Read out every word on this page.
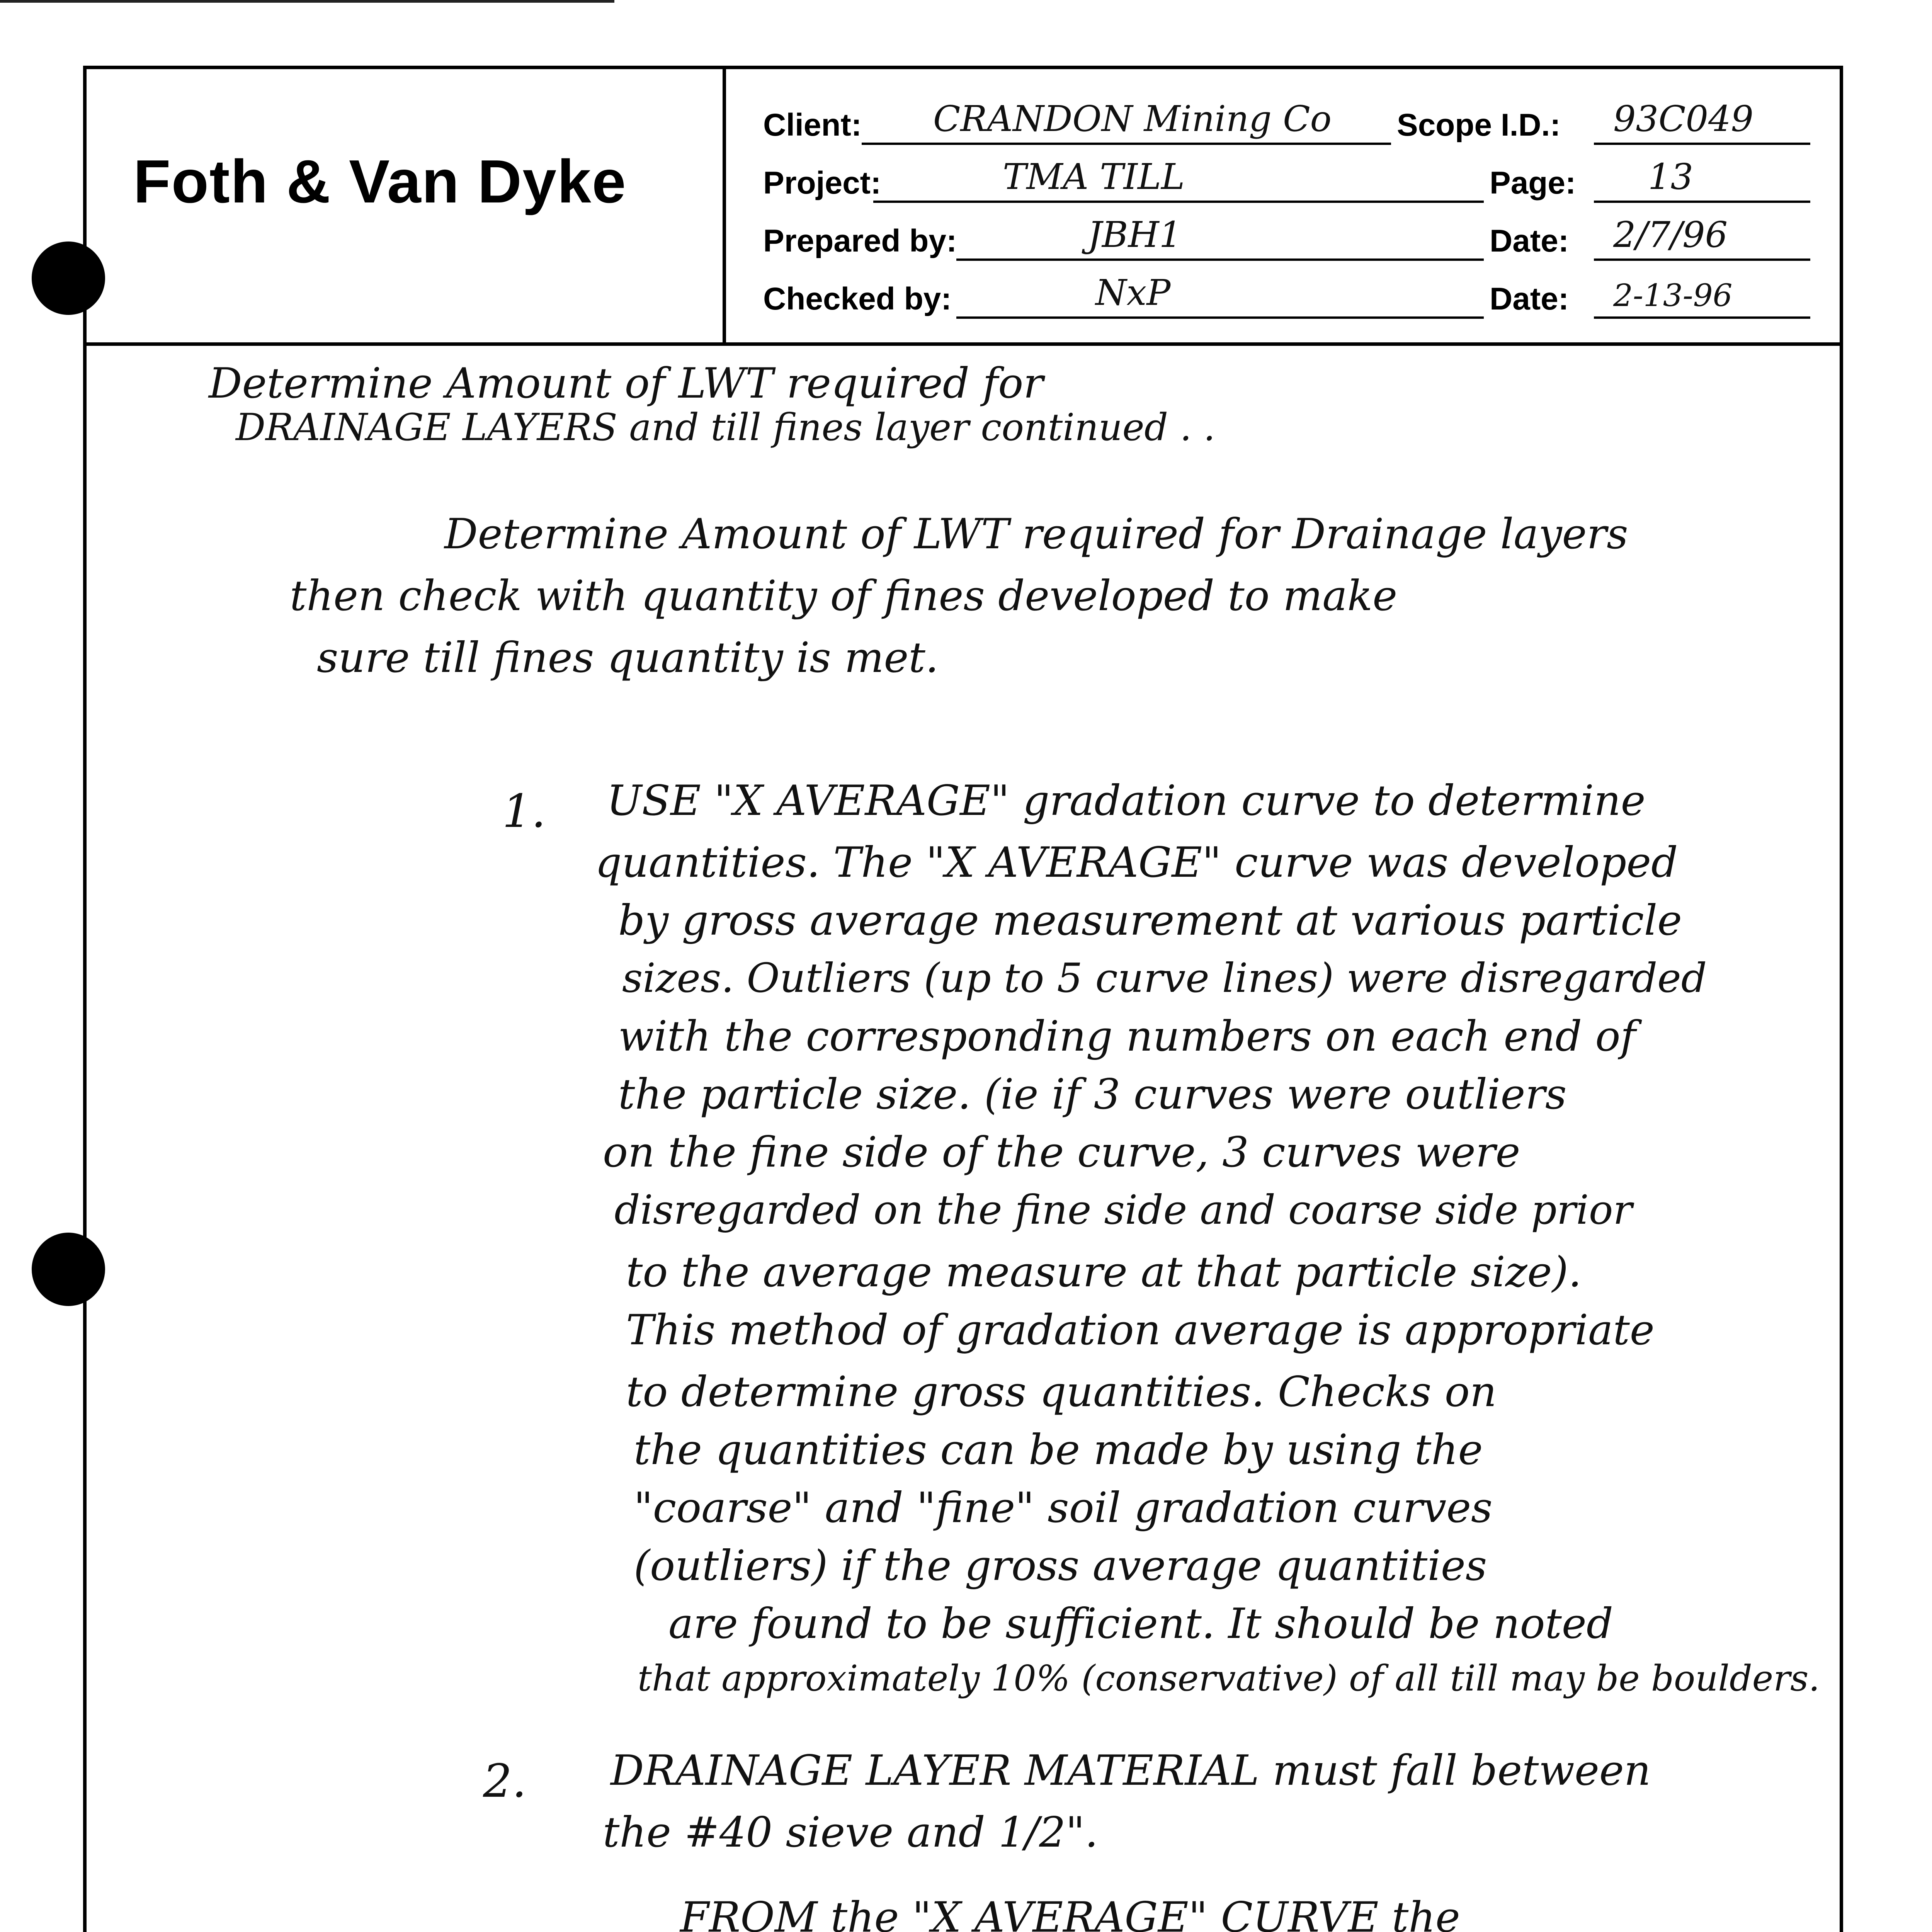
Foth & Van Dyke
Client: CRANDON Mining Co Scope I.D.: 93C049
Project:	TMA TILL	Page: 13
Prepared by:	JBH1	Date: 2/7/96
Checked by:	NxP	Date: 2-13-96
Determine Amount of LWT required for
DRAINAGE LAYERS and till fines layer continued . .
Determine Amount of LWT required for Drainage layers
then check with quantity of fines developed to make
sure till fines quantity is met.
1. USE "X AVERAGE" gradation curve to determine
quantities. The "X AVERAGE" curve was developed
by gross average measurement at various particle
sizes. Outliers (up to 5 curve lines) were disregarded
with the corresponding numbers on each end of
the particle size. (ie if 3 curves were outliers
on the fine side of the curve, 3 curves were
disregarded on the fine side and coarse side prior
to the average measure at that particle size).
This method of gradation average is appropriate
to determine gross quantities. Checks on
the quantities can be made by using the
"coarse" and "fine" soil gradation curves
(outliers) if the gross average quantities
are found to be sufficient. It should be noted
that approximately 10% (conservative) of all till may be boulders.
2. DRAINAGE LAYER MATERIAL must fall between
the #40 sieve and 1/2".
FROM the "X AVERAGE" CURVE the
